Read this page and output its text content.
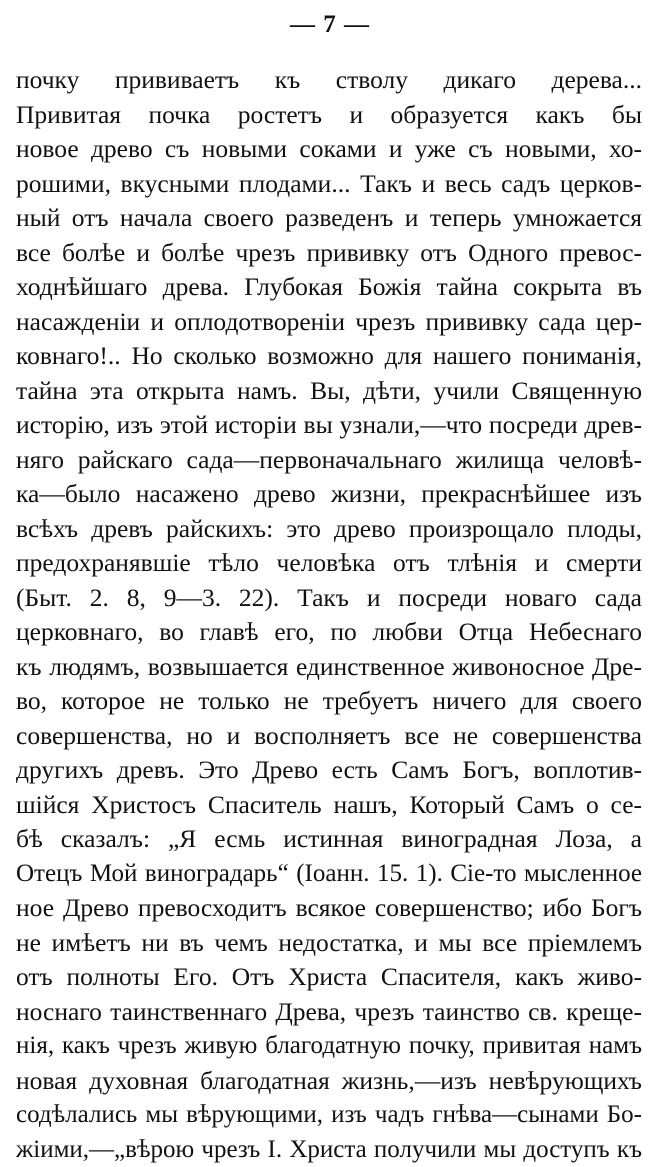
— 7 —
почку прививаетъ къ стволу дикаго дерева...
Привитая почка ростетъ и образуется какъ бы
новое древо съ новыми соками и уже съ новыми, хо-
рошими, вкусными плодами... Такъ и весь садъ церков-
ный отъ начала своего разведенъ и теперь умножается
все болѣе и болѣе чрезъ прививку отъ Одного превос-
ходнѣйшаго древа. Глубокая Божія тайна сокрыта въ
насажденіи и оплодотвореніи чрезъ прививку сада цер-
ковнаго!.. Но сколько возможно для нашего пониманія,
тайна эта открыта намъ. Вы, дѣти, учили Священную
исторію, изъ этой исторіи вы узнали,—что посреди древ-
няго райскаго сада—первоначальнаго жилища человѣ-
ка—было насажено древо жизни, прекраснѣйшее изъ
всѣхъ древъ райскихъ: это древо произрощало плоды,
предохранявшіе тѣло человѣка отъ тлѣнія и смерти
(Быт. 2. 8, 9—3. 22). Такъ и посреди новаго сада
церковнаго, во главѣ его, по любви Отца Небеснаго
къ людямъ, возвышается единственное живоносное Дре-
во, которое не только не требуетъ ничего для своего
совершенства, но и восполняетъ все не совершенства
другихъ древъ. Это Древо есть Самъ Богъ, воплотив-
шійся Христосъ Спаситель нашъ, Который Самъ о се-
бѣ сказалъ: „Я есмь истинная виноградная Лоза, а
Отецъ Мой виноградарь“ (Іоанн. 15. 1). Сіе-то мысленное
ное Древо превосходитъ всякое совершенство; ибо Богъ
не имѣетъ ни въ чемъ недостатка, и мы все пріемлемъ
отъ полноты Его. Отъ Христа Спасителя, какъ живо-
носнаго таинственнаго Древа, чрезъ таинство св. креще-
нія, какъ чрезъ живую благодатную почку, привитая намъ
новая духовная благодатная жизнь,—изъ невѣрующихъ
содѣлались мы вѣрующими, изъ чадъ гнѣва—сынами Бо-
жіими,—„вѣрою чрезъ І. Христа получили мы доступъ къ
